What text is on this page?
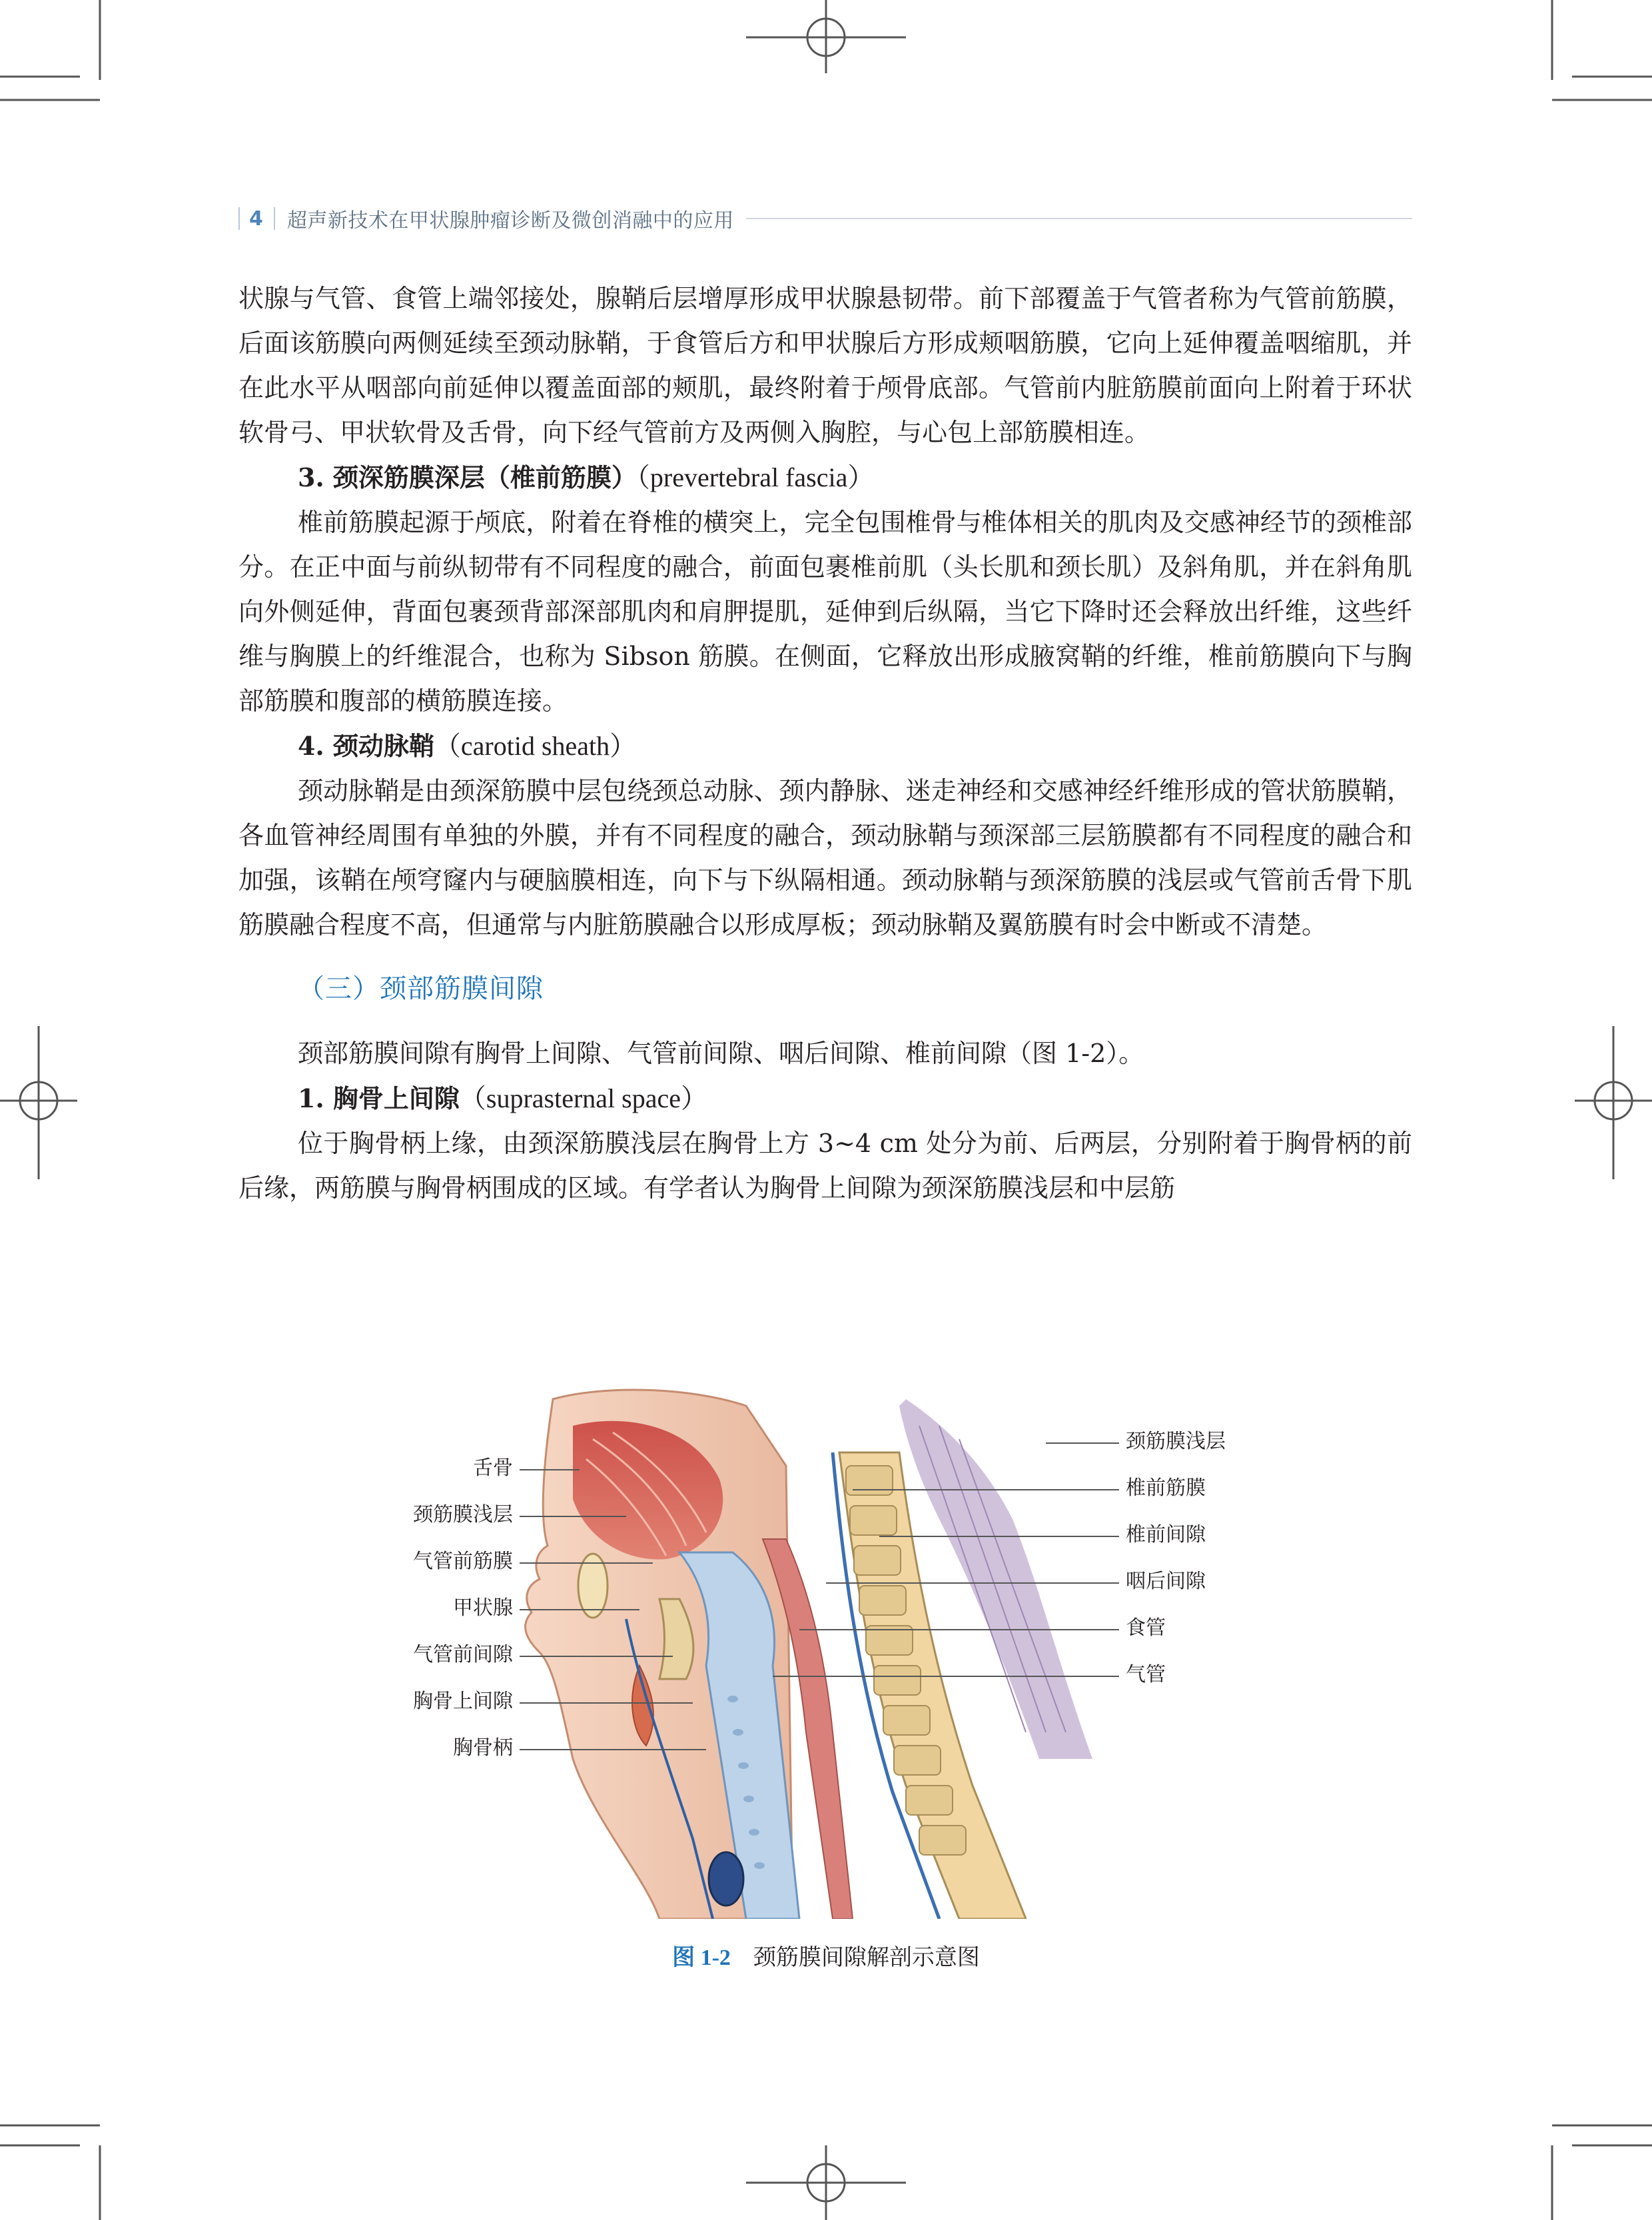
4 超声新技术在甲状腺肿瘤诊断及微创消融中的应用

状腺与气管、食管上端邻接处，腺鞘后层增厚形成甲状腺悬韧带。前下部覆盖于气管者称为气管前筋膜，后面该筋膜向两侧延续至颈动脉鞘，于食管后方和甲状腺后方形成颊咽筋膜，它向上延伸覆盖咽缩肌，并在此水平从咽部向前延伸以覆盖面部的颊肌，最终附着于颅骨底部。气管前内脏筋膜前面向上附着于环状软骨弓、甲状软骨及舌骨，向下经气管前方及两侧入胸腔，与心包上部筋膜相连。

3. 颈深筋膜深层（椎前筋膜）（prevertebral fascia）

椎前筋膜起源于颅底，附着在脊椎的横突上，完全包围椎骨与椎体相关的肌肉及交感神经节的颈椎部分。在正中面与前纵韧带有不同程度的融合，前面包裹椎前肌（头长肌和颈长肌）及斜角肌，并在斜角肌向外侧延伸，背面包裹颈背部深部肌肉和肩胛提肌，延伸到后纵隔，当它下降时还会释放出纤维，这些纤维与胸膜上的纤维混合，也称为 Sibson 筋膜。在侧面，它释放出形成腋窝鞘的纤维，椎前筋膜向下与胸部筋膜和腹部的横筋膜连接。

4. 颈动脉鞘（carotid sheath）

颈动脉鞘是由颈深筋膜中层包绕颈总动脉、颈内静脉、迷走神经和交感神经纤维形成的管状筋膜鞘，各血管神经周围有单独的外膜，并有不同程度的融合，颈动脉鞘与颈深部三层筋膜都有不同程度的融合和加强，该鞘在颅穹窿内与硬脑膜相连，向下与下纵隔相通。颈动脉鞘与颈深筋膜的浅层或气管前舌骨下肌筋膜融合程度不高，但通常与内脏筋膜融合以形成厚板；颈动脉鞘及翼筋膜有时会中断或不清楚。

（三）颈部筋膜间隙

颈部筋膜间隙有胸骨上间隙、气管前间隙、咽后间隙、椎前间隙（图 1-2）。

1. 胸骨上间隙（suprasternal space）

位于胸骨柄上缘，由颈深筋膜浅层在胸骨上方 3~4 cm 处分为前、后两层，分别附着于胸骨柄的前后缘，两筋膜与胸骨柄围成的区域。有学者认为胸骨上间隙为颈深筋膜浅层和中层筋

舌骨
颈筋膜浅层
气管前筋膜
甲状腺
气管前间隙
胸骨上间隙
胸骨柄
颈筋膜浅层
椎前筋膜
椎前间隙
咽后间隙
食管
气管
图 1-2 颈筋膜间隙解剖示意图
